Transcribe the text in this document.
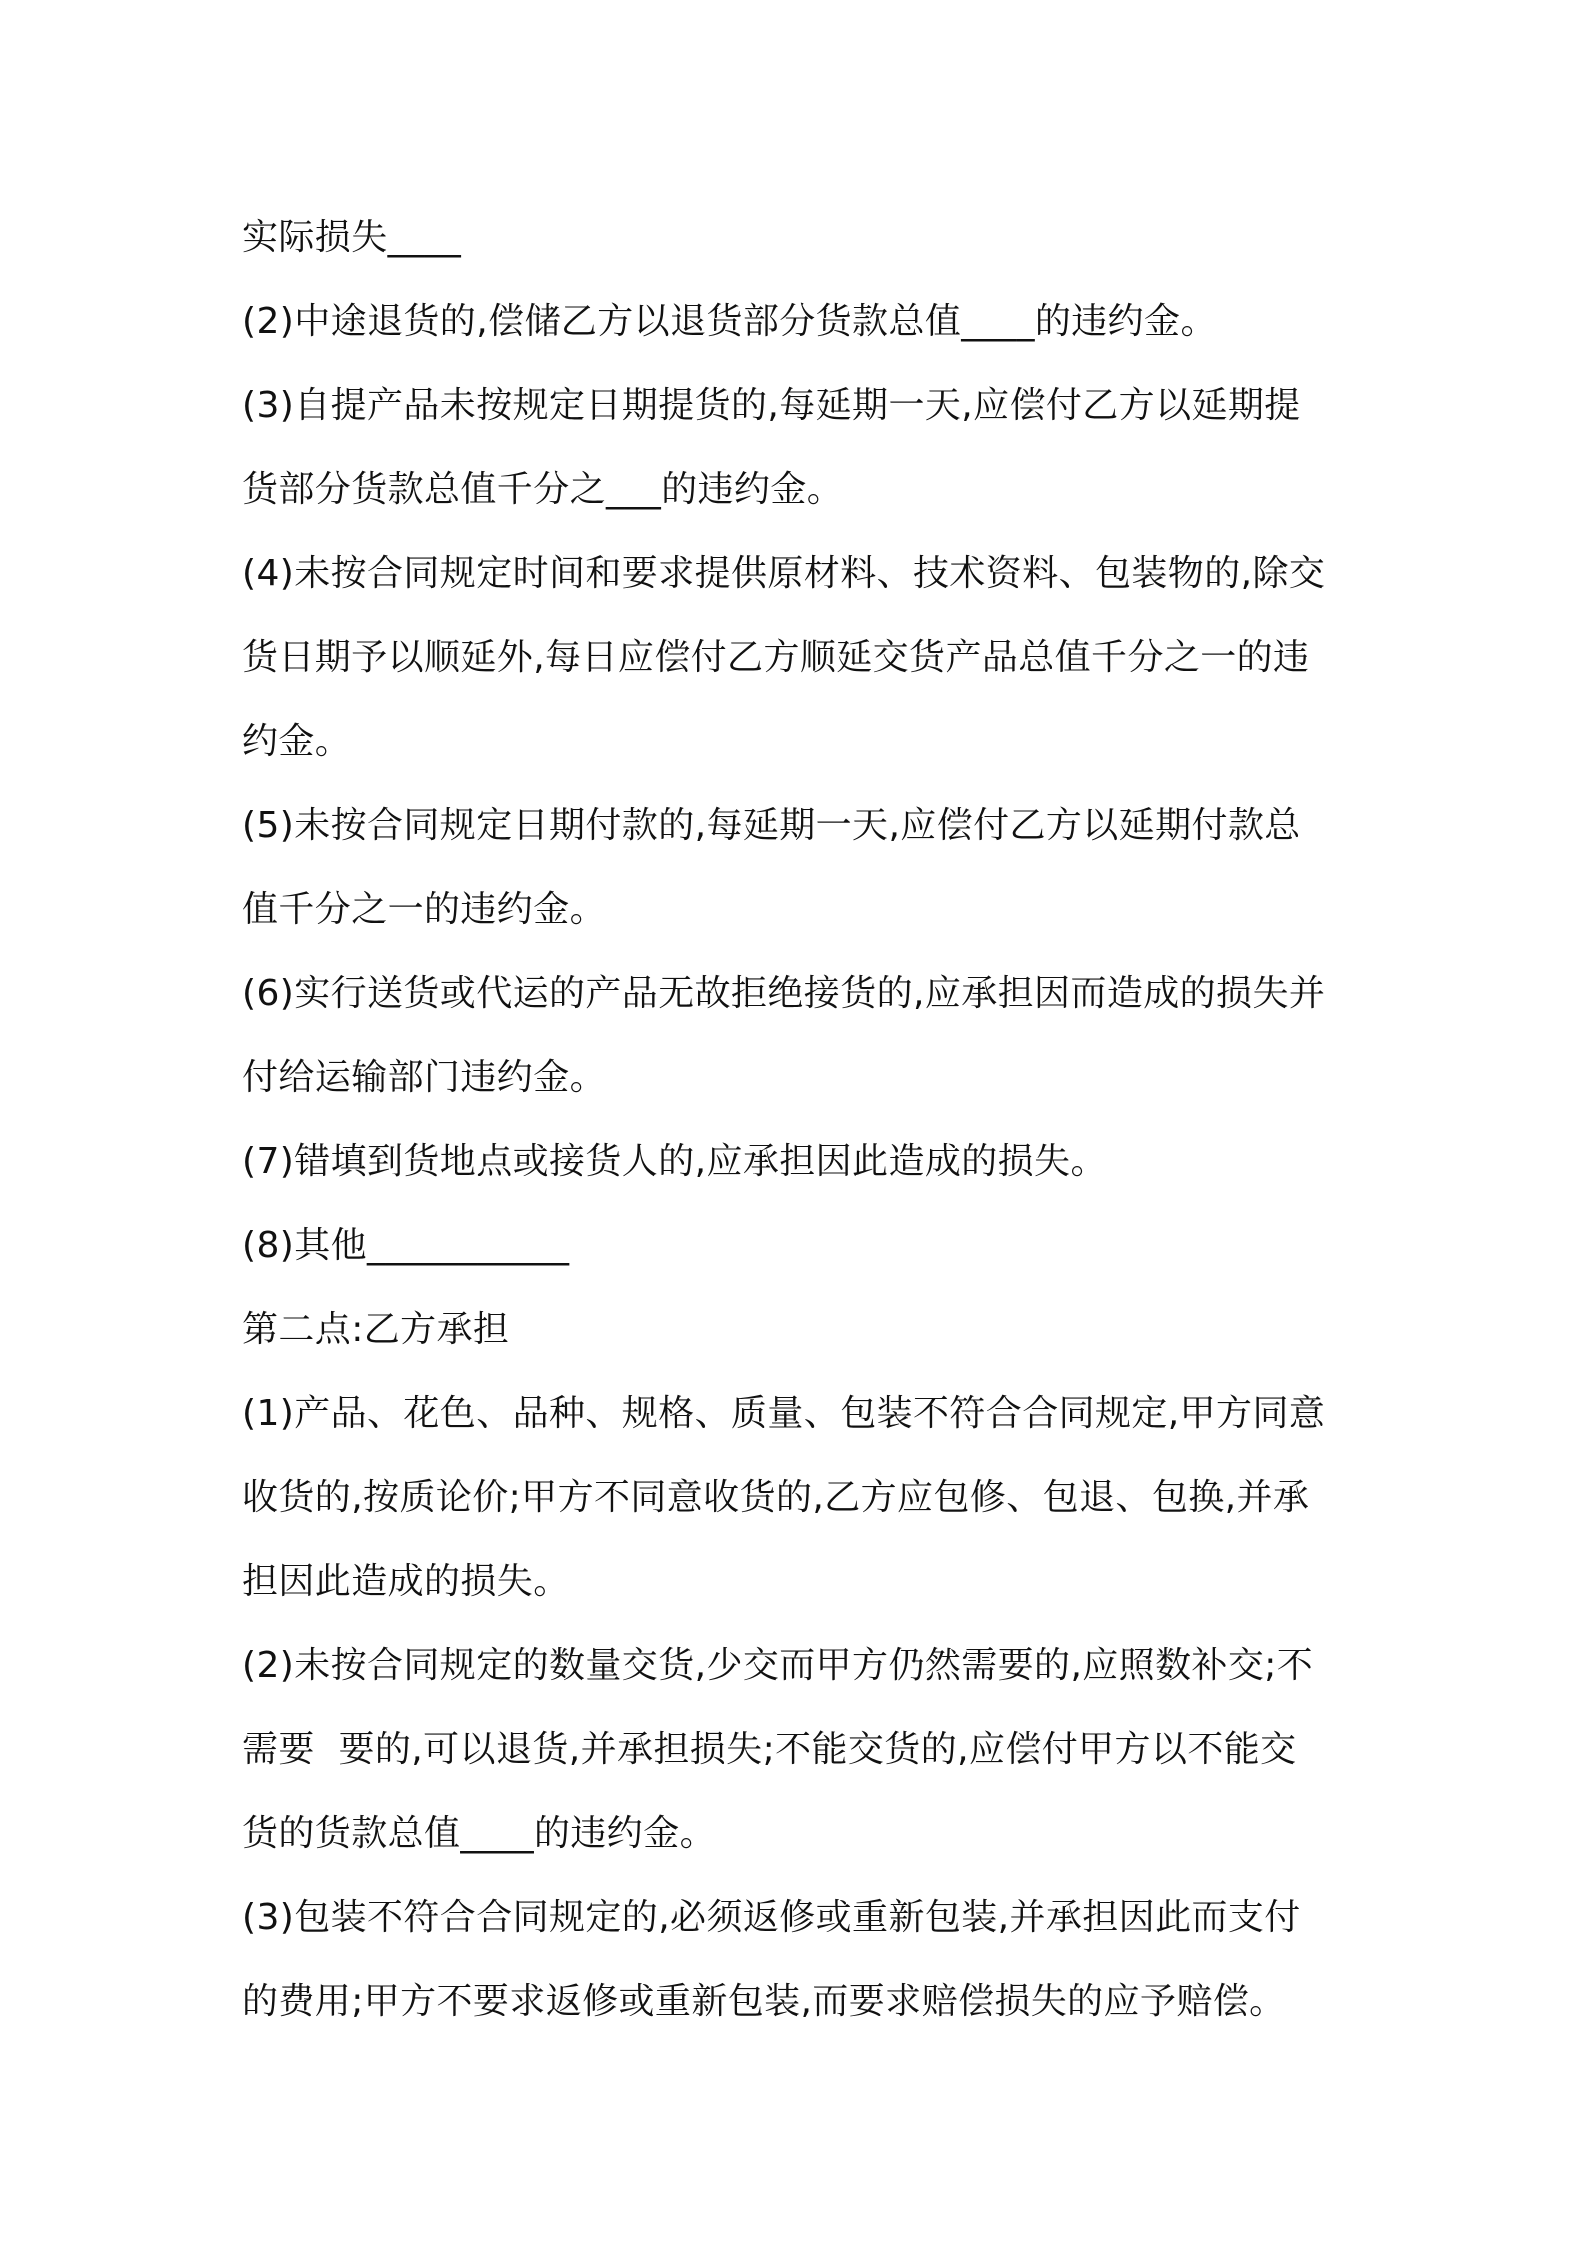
实际损失____
(2)中途退货的,偿储乙方以退货部分货款总值____的违约金。
(3)自提产品未按规定日期提货的,每延期一天,应偿付乙方以延期提
货部分货款总值千分之___的违约金。
(4)未按合同规定时间和要求提供原材料、技术资料、包装物的,除交
货日期予以顺延外,每日应偿付乙方顺延交货产品总值千分之一的违
约金。
(5)未按合同规定日期付款的,每延期一天,应偿付乙方以延期付款总
值千分之一的违约金。
(6)实行送货或代运的产品无故拒绝接货的,应承担因而造成的损失并
付给运输部门违约金。
(7)错填到货地点或接货人的,应承担因此造成的损失。
(8)其他___________
第二点:乙方承担
(1)产品、花色、品种、规格、质量、包装不符合合同规定,甲方同意
收货的,按质论价;甲方不同意收货的,乙方应包修、包退、包换,并承
担因此造成的损失。
(2)未按合同规定的数量交货,少交而甲方仍然需要的,应照数补交;不
需要  要的,可以退货,并承担损失;不能交货的,应偿付甲方以不能交
货的货款总值____的违约金。
(3)包装不符合合同规定的,必须返修或重新包装,并承担因此而支付
的费用;甲方不要求返修或重新包装,而要求赔偿损失的应予赔偿。
